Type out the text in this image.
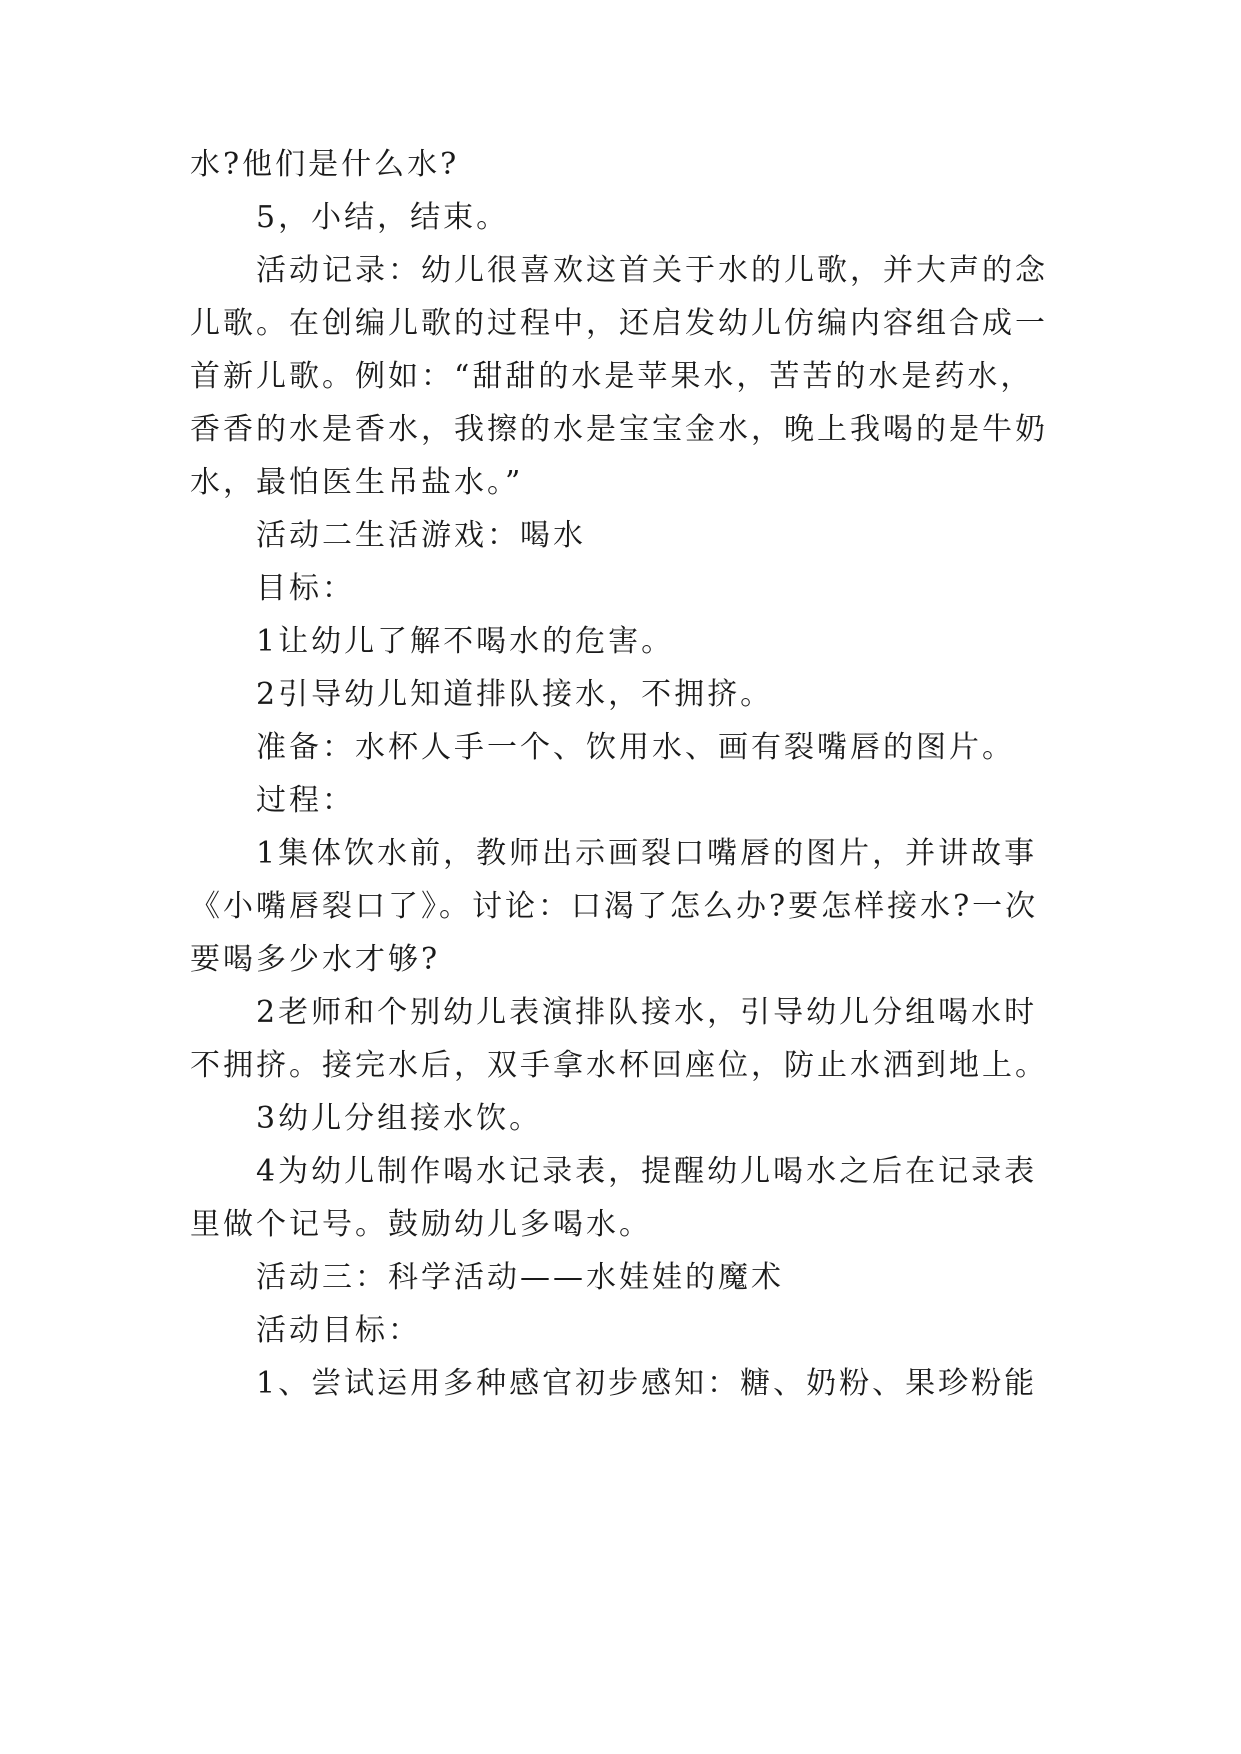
水?他们是什么水?
5，小结，结束。
活动记录：幼儿很喜欢这首关于水的儿歌，并大声的念
儿歌。在创编儿歌的过程中，还启发幼儿仿编内容组合成一
首新儿歌。例如：“甜甜的水是苹果水，苦苦的水是药水，
香香的水是香水，我擦的水是宝宝金水，晚上我喝的是牛奶
水，最怕医生吊盐水。”
活动二生活游戏：喝水
目标：
1让幼儿了解不喝水的危害。
2引导幼儿知道排队接水，不拥挤。
准备：水杯人手一个、饮用水、画有裂嘴唇的图片。
过程：
1集体饮水前，教师出示画裂口嘴唇的图片，并讲故事
《小嘴唇裂口了》。讨论：口渴了怎么办?要怎样接水?一次
要喝多少水才够?
2老师和个别幼儿表演排队接水，引导幼儿分组喝水时
不拥挤。接完水后，双手拿水杯回座位，防止水洒到地上。
3幼儿分组接水饮。
4为幼儿制作喝水记录表，提醒幼儿喝水之后在记录表
里做个记号。鼓励幼儿多喝水。
活动三：科学活动——水娃娃的魔术
活动目标：
1、尝试运用多种感官初步感知：糖、奶粉、果珍粉能
